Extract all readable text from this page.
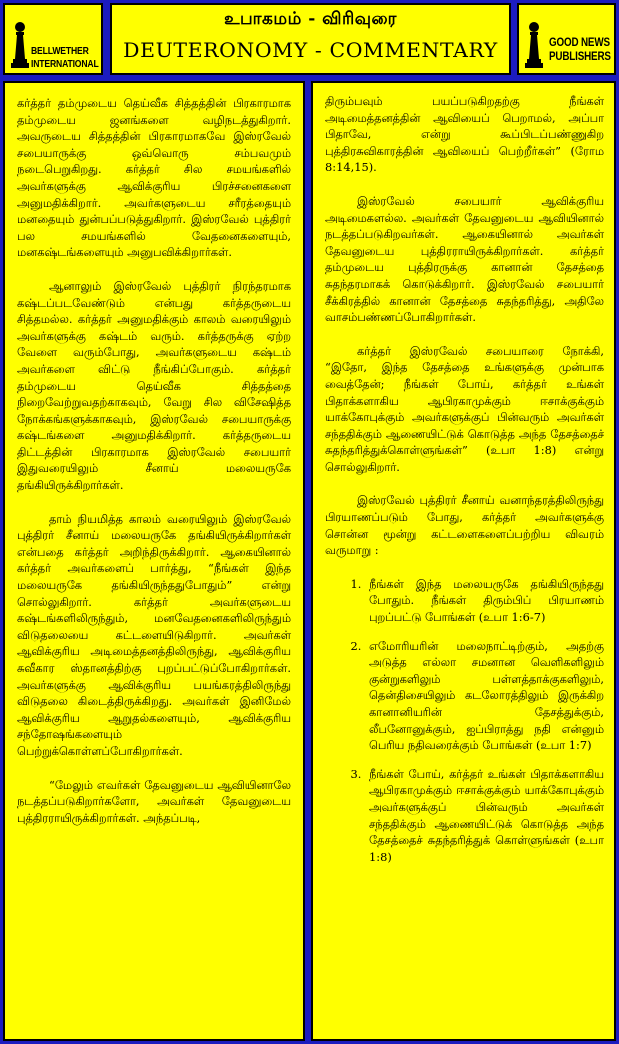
BELLWETHER
INTERNATIONAL
உபாகமம் - விரிவுரை
DEUTERONOMY - COMMENTARY	GOOD NEWS
PUBLISHERS

கர்த்தர் தம்முடைய தெய்வீக சித்தத்தின் பிரகாரமாக தம்முடைய ஜனங்களை வழிநடத்துகிறார். அவருடைய சித்தத்தின் பிரகாரமாகவே இஸ்ரவேல் சபையாருக்கு ஒவ்வொரு சம்பவமும் நடைபெறுகிறது. கர்த்தர் சில சமயங்களில் அவர்களுக்கு ஆவிக்குரிய பிரச்சனைகளை அனுமதிக்கிறார். அவர்களுடைய சரீரத்தையும் மனதையும் துன்பப்படுத்துகிறார். இஸ்ரவேல் புத்திரர் பல சமயங்களில் வேதனைகளையும், மனகஷ்டங்களையும் அனுபவிக்கிறார்கள்.

ஆனாலும் இஸ்ரவேல் புத்திரர் நிரந்தரமாக கஷ்டப்படவேண்டும் என்பது கர்த்தருடைய சித்தமல்ல. கர்த்தர் அனுமதிக்கும் காலம் வரையிலும் அவர்களுக்கு கஷ்டம் வரும். கர்த்தருக்கு ஏற்ற வேளை வரும்போது, அவர்களுடைய கஷ்டம் அவர்களை விட்டு நீங்கிப்போகும். கர்த்தர் தம்முடைய தெய்வீக சித்தத்தை நிறைவேற்றுவதற்காகவும், வேறு சில விசேஷித்த நோக்கங்களுக்காகவும், இஸ்ரவேல் சபையாருக்கு கஷ்டங்களை அனுமதிக்கிறார். கர்த்தருடைய திட்டத்தின் பிரகாரமாக இஸ்ரவேல் சபையார் இதுவரையிலும் சீனாய் மலையருகே தங்கியிருக்கிறார்கள்.

தாம் நியமித்த காலம் வரையிலும் இஸ்ரவேல் புத்திரர் சீனாய் மலையருகே தங்கியிருக்கிறார்கள் என்பதை கர்த்தர் அறிந்திருக்கிறார். ஆகையினால் கர்த்தர் அவர்களைப் பார்த்து, “நீங்கள் இந்த மலையருகே தங்கியிருந்ததுபோதும்” என்று சொல்லுகிறார். கர்த்தர் அவர்களுடைய கஷ்டங்களிலிருந்தும், மனவேதனைகளிலிருந்தும் விடுதலையை கட்டளையிடுகிறார். அவர்கள் ஆவிக்குரிய அடிமைத்தனத்திலிருந்து, ஆவிக்குரிய சுவீகார ஸ்தானத்திற்கு புறப்பட்டுப்போகிறார்கள். அவர்களுக்கு ஆவிக்குரிய பயங்கரத்திலிருந்து விடுதலை கிடைத்திருக்கிறது. அவர்கள் இனிமேல் ஆவிக்குரிய ஆறுதல்களையும், ஆவிக்குரிய சந்தோஷங்களையும் பெற்றுக்கொள்ளப்போகிறார்கள்.

“மேலும் எவர்கள் தேவனுடைய ஆவியினாலே நடத்தப்படுகிறார்களோ, அவர்கள் தேவனுடைய புத்திரராயிருக்கிறார்கள். அந்தப்படி,

திரும்பவும் பயப்படுகிறதற்கு நீங்கள் அடிமைத்தனத்தின் ஆவியைப் பெறாமல், அப்பா பிதாவே, என்று கூப்பிடப்பண்ணுகிற புத்திரசுவிகாரத்தின் ஆவியைப் பெற்றீர்கள்” (ரோம 8:14,15).

இஸ்ரவேல் சபையார் ஆவிக்குரிய அடிமைகளல்ல. அவர்கள் தேவனுடைய ஆவியினால் நடத்தப்படுகிறவர்கள். ஆகையினால் அவர்கள் தேவனுடைய புத்திரராயிருக்கிறார்கள். கர்த்தர் தம்முடைய புத்திரருக்கு கானான் தேசத்தை சுதந்தரமாகக் கொடுக்கிறார். இஸ்ரவேல் சபையார் சீக்கிரத்தில் கானான் தேசத்தை சுதந்தரித்து, அதிலே வாசம்பண்ணப்போகிறார்கள்.

கர்த்தர் இஸ்ரவேல் சபையாரை நோக்கி, “இதோ, இந்த தேசத்தை உங்களுக்கு முன்பாக வைத்தேன்; நீங்கள் போய், கர்த்தர் உங்கள் பிதாக்களாகிய ஆபிரகாமுக்கும் ஈசாக்குக்கும் யாக்கோபுக்கும் அவர்களுக்குப் பின்வரும் அவர்கள் சந்ததிக்கும் ஆணையிட்டுக் கொடுத்த அந்த தேசத்தைச் சுதந்தரித்துக்கொள்ளுங்கள்” (உபா 1:8) என்று சொல்லுகிறார்.

இஸ்ரவேல் புத்திரர் சீனாய் வனாந்தரத்திலிருந்து பிரயாணப்படும் போது, கர்த்தர் அவர்களுக்கு சொன்ன மூன்று கட்டளைகளைப்பற்றிய விவரம் வருமாறு :

1. நீங்கள் இந்த மலையருகே தங்கியிருந்தது போதும். நீங்கள் திரும்பிப் பிரயாணம் புறப்பட்டு போங்கள் (உபா 1:6-7)
2. எமோரியரின் மலைநாட்டிற்கும், அதற்கு அடுத்த எல்லா சமனான வெளிகளிலும் குன்றுகளிலும் பள்ளத்தாக்குகளிலும், தென்திசையிலும் கடலோரத்திலும் இருக்கிற கானானியரின் தேசத்துக்கும், லீபனோனுக்கும், ஐப்பிராத்து நதி என்னும் பெரிய நதிவரைக்கும் போங்கள் (உபா 1:7)
3. நீங்கள் போய், கர்த்தர் உங்கள் பிதாக்களாகிய ஆபிரகாமுக்கும் ஈசாக்குக்கும் யாக்கோபுக்கும் அவர்களுக்குப் பின்வரும் அவர்கள் சந்ததிக்கும் ஆணையிட்டுக் கொடுத்த அந்த தேசத்தைச் சுதந்தரித்துக் கொள்ளுங்கள் (உபா 1:8)
